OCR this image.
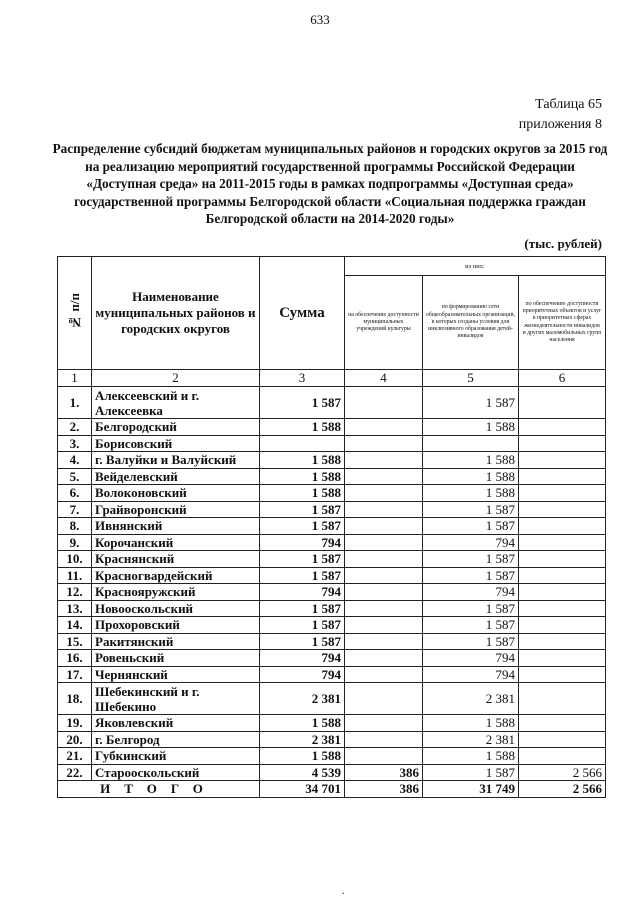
633
Таблица 65
приложения 8
Распределение субсидий бюджетам муниципальных районов и городских округов за 2015 год на реализацию мероприятий государственной программы Российской Федерации «Доступная среда» на 2011-2015 годы в рамках подпрограммы «Доступная среда» государственной программы Белгородской области «Социальная поддержка граждан Белгородской области на 2014-2020 годы»
(тыс. рублей)
№ п/п	Наименование муниципальных районов и городских округов	Сумма	из них:		
			на обеспечение доступности муниципальных учреждений культуры	по формированию сети общеобразовательных организаций, в которых созданы условия для инклюзивного образования детей-инвалидов	по обеспечению доступности приоритетных объектов и услуг в приоритетных сферах жизнедеятельности инвалидов и других маломобильных групп населения
1	2	3	4	5	6
1.	Алексеевский и г. Алексеевка	1 587		1 587	
2.	Белгородский	1 588		1 588	
3.	Борисовский				
4.	г. Валуйки и Валуйский	1 588		1 588	
5.	Вейделевский	1 588		1 588	
6.	Волоконовский	1 588		1 588	
7.	Грайворонский	1 587		1 587	
8.	Ивнянский	1 587		1 587	
9.	Корочанский	794		794	
10.	Краснянский	1 587		1 587	
11.	Красногвардейский	1 587		1 587	
12.	Краснояружский	794		794	
13.	Новооскольский	1 587		1 587	
14.	Прохоровский	1 587		1 587	
15.	Ракитянский	1 587		1 587	
16.	Ровеньский	794		794	
17.	Чернянский	794		794	
18.	Шебекинский и г. Шебекино	2 381		2 381	
19.	Яковлевский	1 588		1 588	
20.	г. Белгород	2 381		2 381	
21.	Губкинский	1 588		1 588	
22.	Старооскольский	4 539	386	1 587	2 566
ИТОГО		34 701	386	31 749	2 566
.
